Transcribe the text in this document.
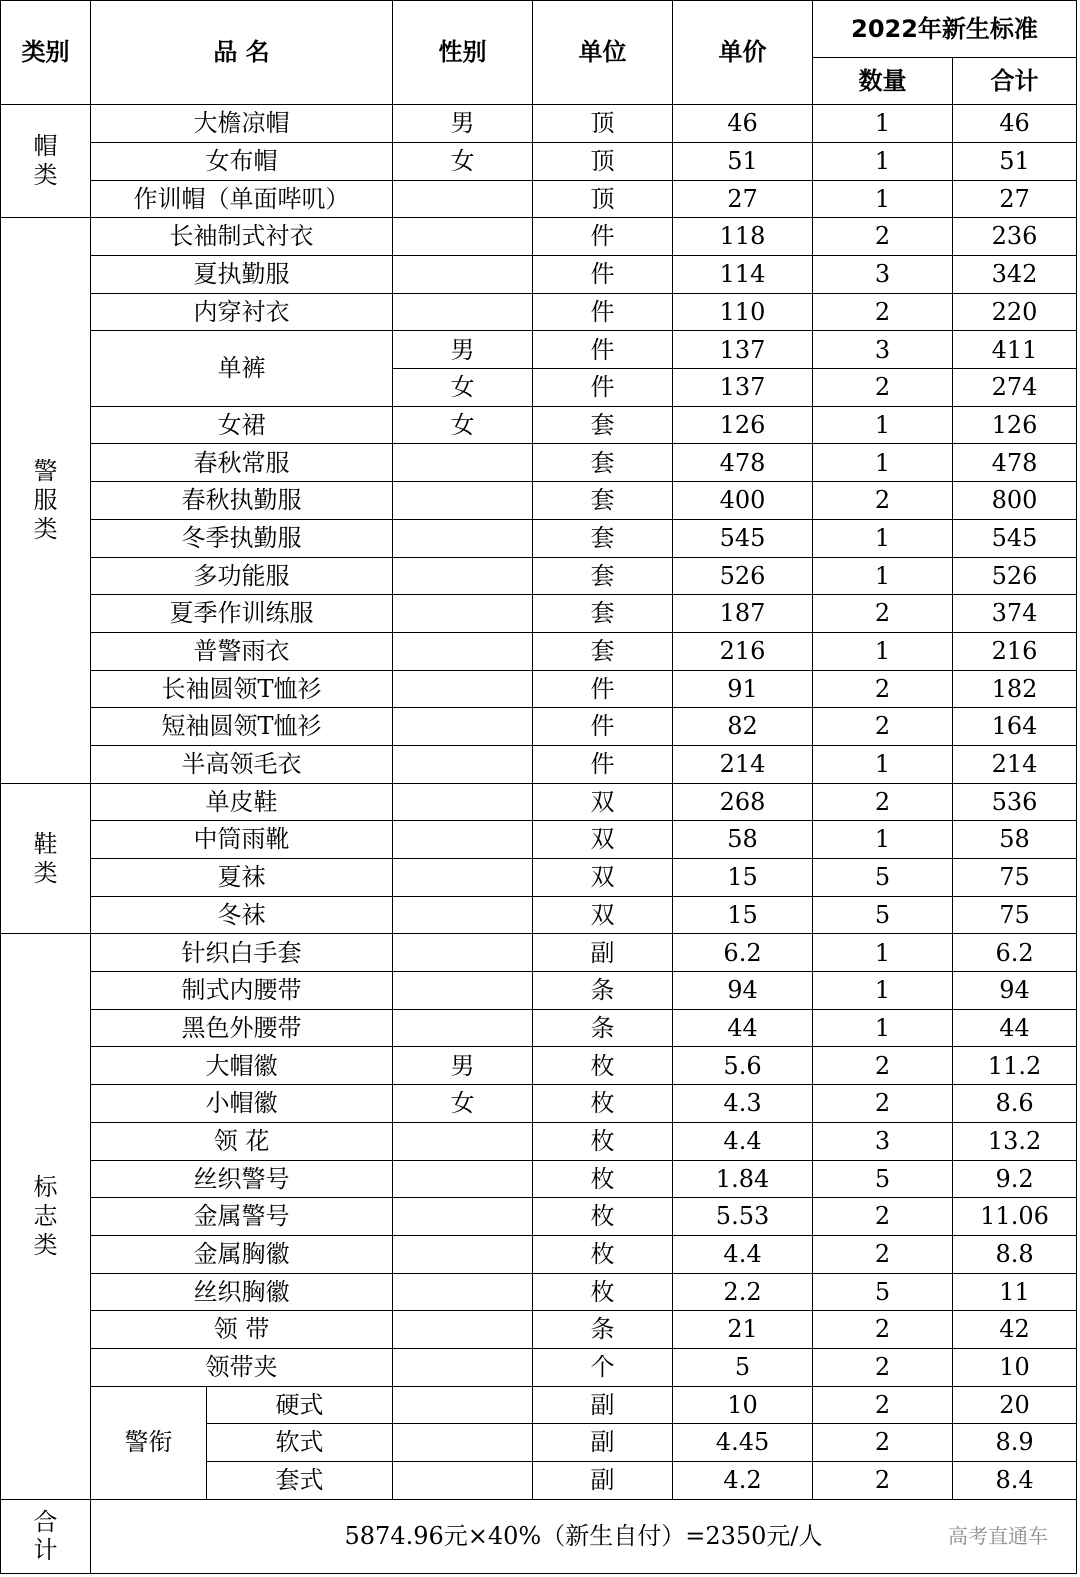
类别	品 名		性别	单位	单价	2022年新生标准	
						数量	合计

帽类	大檐凉帽		男	顶	46	1	46
	女布帽		女	顶	51	1	51
	作训帽（单面哔叽）			顶	27	1	27

警服类	长袖制式衬衣			件	118	2	236
	夏执勤服			件	114	3	342
	内穿衬衣			件	110	2	220
	单裤		男	件	137	3	411
			女	件	137	2	274
	女裙		女	套	126	1	126
	春秋常服			套	478	1	478
	春秋执勤服			套	400	2	800
	冬季执勤服			套	545	1	545
	多功能服			套	526	1	526
	夏季作训练服			套	187	2	374
	普警雨衣			套	216	1	216
	长袖圆领T恤衫			件	91	2	182
	短袖圆领T恤衫			件	82	2	164
	半高领毛衣			件	214	1	214

鞋类	单皮鞋			双	268	2	536
	中筒雨靴			双	58	1	58
	夏袜			双	15	5	75
	冬袜			双	15	5	75

标志类	针织白手套			副	6.2	1	6.2
	制式内腰带			条	94	1	94
	黑色外腰带			条	44	1	44
	大帽徽		男	枚	5.6	2	11.2
	小帽徽		女	枚	4.3	2	8.6
	领 花			枚	4.4	3	13.2
	丝织警号			枚	1.84	5	9.2
	金属警号			枚	5.53	2	11.06
	金属胸徽			枚	4.4	2	8.8
	丝织胸徽			枚	2.2	5	11
	领 带			条	21	2	42
	领带夹			个	5	2	10
	警衔	硬式		副	10	2	20
		软式		副	4.45	2	8.9
		套式		副	4.2	2	8.4

合计	5874.96元×40%（新生自付）=2350元/人 高考直通车						
